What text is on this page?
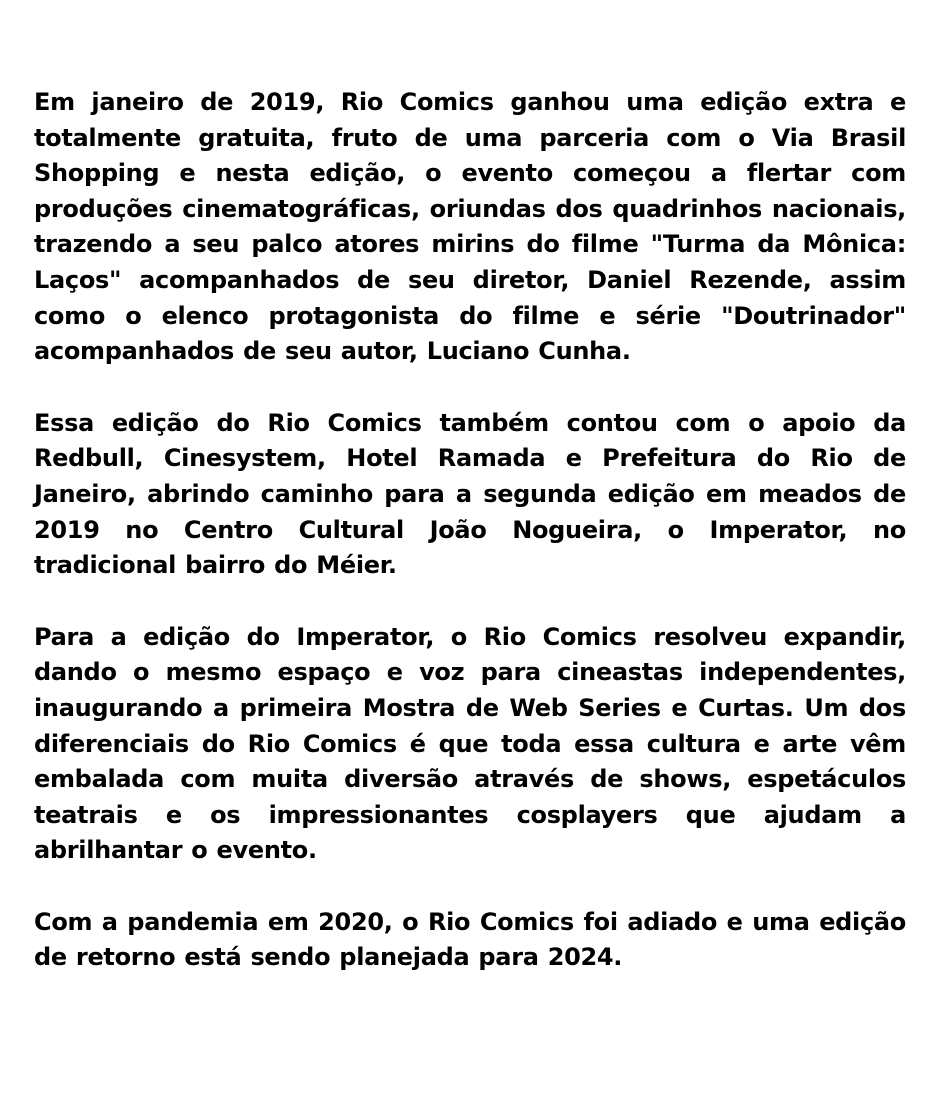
Em janeiro de 2019, Rio Comics ganhou uma edição extra e totalmente gratuita, fruto de uma parceria com o Via Brasil Shopping e nesta edição, o evento começou a flertar com produções cinematográficas, oriundas dos quadrinhos nacionais, trazendo a seu palco atores mirins do filme "Turma da Mônica: Laços" acompanhados de seu diretor, Daniel Rezende, assim como o elenco protagonista do filme e série "Doutrinador" acompanhados de seu autor, Luciano Cunha.

Essa edição do Rio Comics também contou com o apoio da Redbull, Cinesystem, Hotel Ramada e Prefeitura do Rio de Janeiro, abrindo caminho para a segunda edição em meados de 2019 no Centro Cultural João Nogueira, o Imperator, no tradicional bairro do Méier.

Para a edição do Imperator, o Rio Comics resolveu expandir, dando o mesmo espaço e voz para cineastas independentes, inaugurando a primeira Mostra de Web Series e Curtas. Um dos diferenciais do Rio Comics é que toda essa cultura e arte vêm embalada com muita diversão através de shows, espetáculos teatrais e os impressionantes cosplayers que ajudam a abrilhantar o evento.

Com a pandemia em 2020, o Rio Comics foi adiado e uma edição de retorno está sendo planejada para 2024.
